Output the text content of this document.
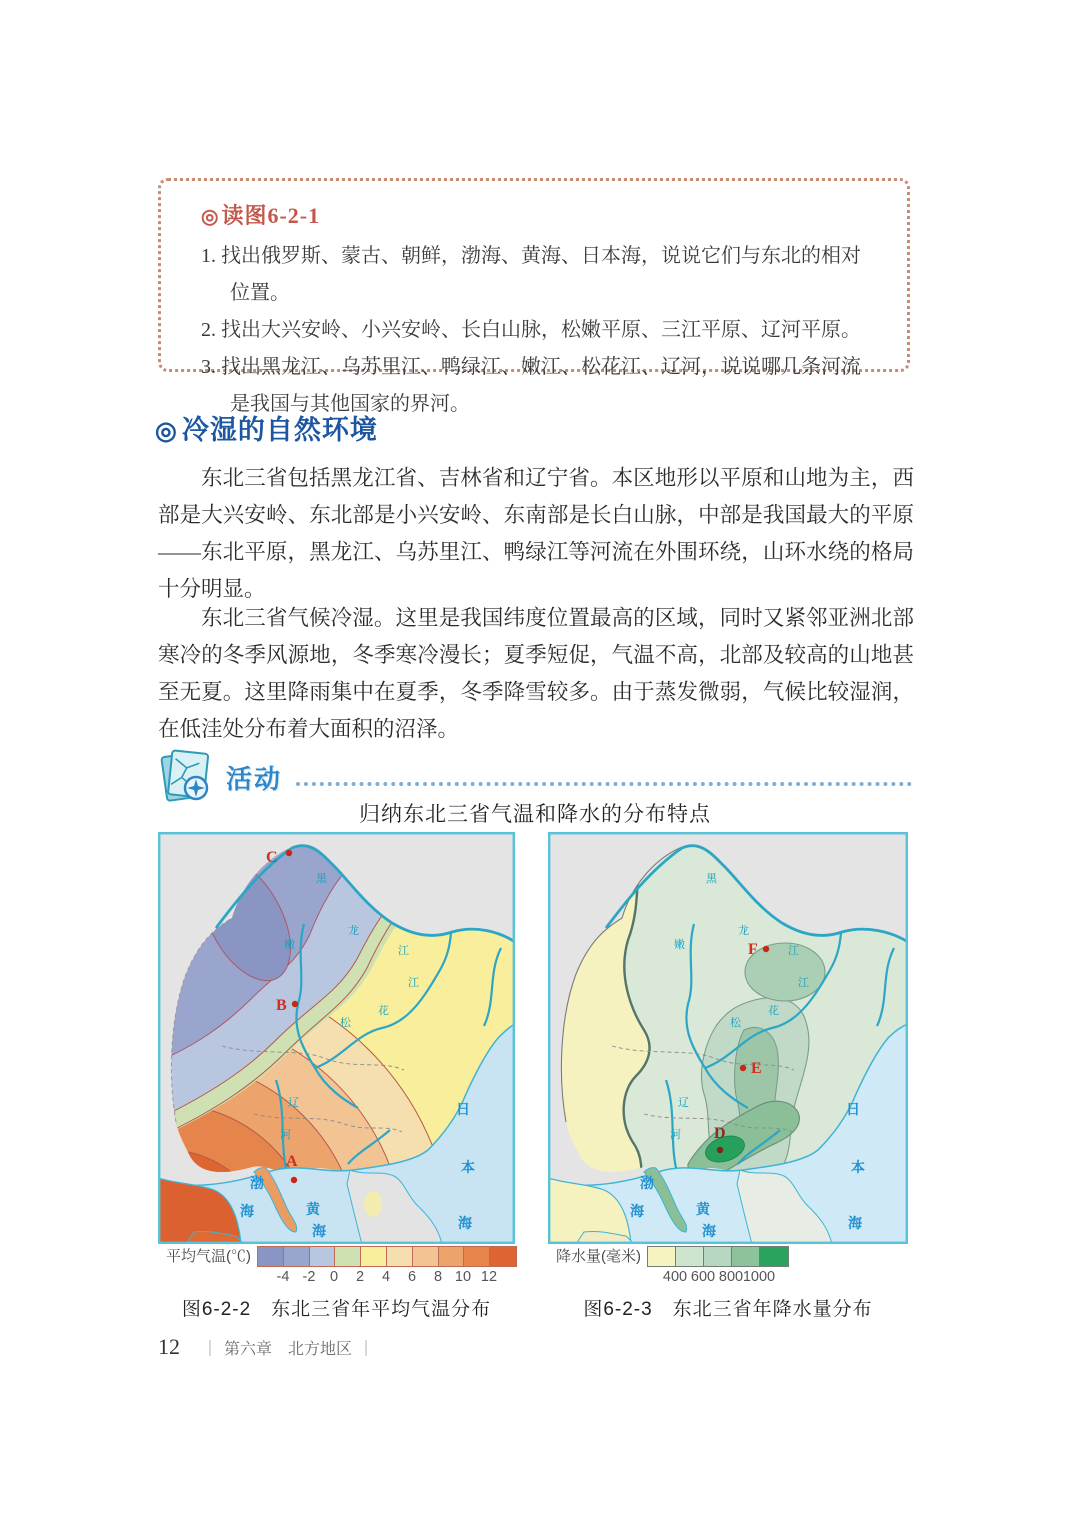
◎读图6-2-1

1. 找出俄罗斯、蒙古、朝鲜，渤海、黄海、日本海，说说它们与东北的相对位置。

2. 找出大兴安岭、小兴安岭、长白山脉，松嫩平原、三江平原、辽河平原。

3. 找出黑龙江、乌苏里江、鸭绿江、嫩江、松花江、辽河，说说哪几条河流是我国与其他国家的界河。

◎ 冷湿的自然环境

东北三省包括黑龙江省、吉林省和辽宁省。本区地形以平原和山地为主，西部是大兴安岭、东北部是小兴安岭、东南部是长白山脉，中部是我国最大的平原——东北平原，黑龙江、乌苏里江、鸭绿江等河流在外围环绕，山环水绕的格局十分明显。

东北三省气候冷湿。这里是我国纬度位置最高的区域，同时又紧邻亚洲北部寒冷的冬季风源地，冬季寒冷漫长；夏季短促，气温不高，北部及较高的山地甚至无夏。这里降雨集中在夏季，冬季降雪较多。由于蒸发微弱，气候比较湿润，在低洼处分布着大面积的沼泽。

活动
归纳东北三省气温和降水的分布特点
C
B
A
渤
海	黄
海
日
本
海
黑
龙
江
嫩
松
花
江
辽
河
F
E
D
渤
海	黄
海
日
本
海
黑
龙
江
嫩
松
花
江
辽
河
平均气温(℃)
-4 -2 0 2 4 6 8 10 12
降水量(毫米)
400 600 800 1000
图6-2-2　东北三省年平均气温分布	图6-2-3　东北三省年降水量分布
12 ｜ 第六章　北方地区 ｜
